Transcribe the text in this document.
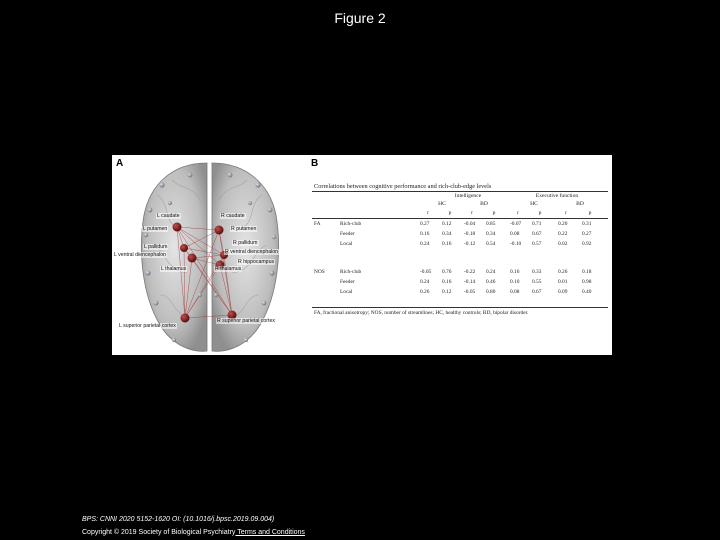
Figure 2
A
L caudate	R caudate
L putamen	R putamen
L pallidum
R pallidum
L ventral diencephalon	R ventral diencephalon
R hippocampus
L thalamus	R thalamus
R superior parietal cortex
L superior parietal cortex
B
Correlations between cognitive performance and rich-club-edge levels
Intelligence	Executive function
HC	BD	HC	BD
r	p	r	p	r	p	r	p
FA	Rich-club	0.27 0.12 -0.04 0.85	-0.07 0.71	0.20	0.31
Feeder	0.16 0.34 -0.18 0.34	0.08 0.67	0.22	0.27
Local	0.24 0.16 -0.12 0.54	-0.10 0.57	0.02	0.92
NOS	Rich-club	-0.05 0.76 -0.22 0.24	0.16 0.33	0.26	0.18
Feeder	0.24 0.16 -0.14 0.46	0.10 0.55	0.01	0.98
Local	0.26 0.12 -0.05 0.80	0.08 0.67	0.09	0.40
FA, fractional anisotropy; NOS, number of streamlines; HC, healthy controls; BD, bipolar disorder.
BPS: CNNI 2020 5152-1620 OI: (10.1016/j.bpsc.2019.09.004)
Copyright © 2019 Society of Biological Psychiatry Terms and Conditions
